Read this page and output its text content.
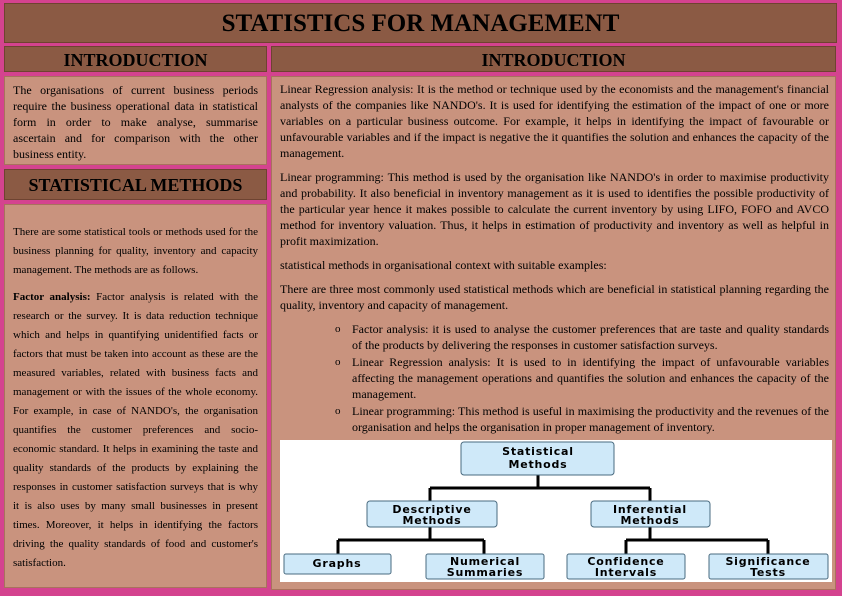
STATISTICS FOR MANAGEMENT
INTRODUCTION
The organisations of current business periods require the business operational data in statistical form in order to make analyse, summarise ascertain and for comparison with the other business entity.
STATISTICAL METHODS

There are some statistical tools or methods used for the business planning for quality, inventory and capacity management. The methods are as follows.

Factor analysis: Factor analysis is related with the research or the survey. It is data reduction technique which and helps in quantifying unidentified facts or factors that must be taken into account as these are the measured variables, related with business facts and management or with the issues of the whole economy. For example, in case of NANDO's, the organisation quantifies the customer preferences and socio-economic standard. It helps in examining the taste and quality standards of the products by explaining the responses in customer satisfaction surveys that is why it is also uses by many small businesses in present times. Moreover, it helps in identifying the factors driving the quality standards of food and customer's satisfaction.

INTRODUCTION

Linear Regression analysis: It is the method or technique used by the economists and the management's financial analysts of the companies like NANDO's. It is used for identifying the estimation of the impact of one or more variables on a particular business outcome. For example, it helps in identifying the impact of favourable or unfavourable variables and if the impact is negative the it quantifies the solution and enhances the capacity of the management.

Linear programming: This method is used by the organisation like NANDO's in order to maximise productivity and probability. It also beneficial in inventory management as it is used to identifies the possible productivity of the particular year hence it makes possible to calculate the current inventory by using LIFO, FOFO and AVCO method for inventory valuation. Thus, it helps in estimation of productivity and inventory as well as helpful in profit maximization.

statistical methods in organisational context with suitable examples:

There are three most commonly used statistical methods which are beneficial in statistical planning regarding the quality, inventory and capacity of management.

o Factor analysis: it is used to analyse the customer preferences that are taste and quality standards of the products by delivering the responses in customer satisfaction surveys.
o Linear Regression analysis: It is used to in identifying the impact of unfavourable variables affecting the management operations and quantifies the solution and enhances the capacity of the management.
o Linear programming: This method is useful in maximising the productivity and the revenues of the organisation and helps the organisation in proper management of inventory.
Statistical
Methods
Descriptive
Methods
Inferential
Methods
Graphs	Numerical
Summaries
Confidence
Intervals
Significance
Tests
